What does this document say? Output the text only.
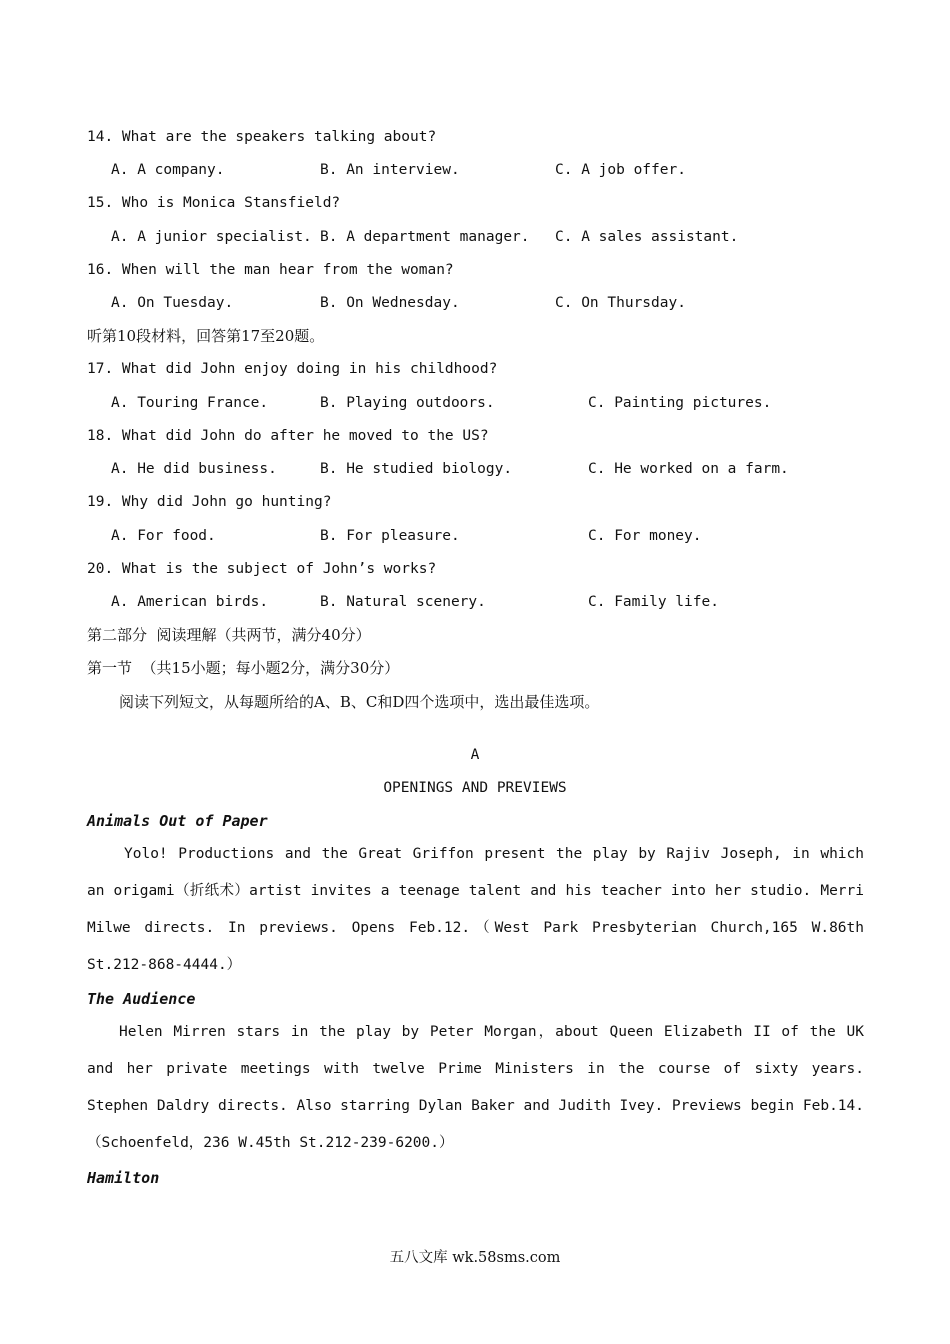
14. What are the speakers talking about?
A. A company.	B. An interview.	C. A job offer.
15. Who is Monica Stansfield?
A. A junior specialist. B. A department manager. C. A sales assistant.
16. When will the man hear from the woman?
A. On Tuesday.	B. On Wednesday.	C. On Thursday.
听第10段材料，回答第17至20题。
17. What did John enjoy doing in his childhood?
A. Touring France.	B. Playing outdoors.	C. Painting pictures.
18. What did John do after he moved to the US?
A. He did business.	B. He studied biology.	C. He worked on a farm.
19. Why did John go hunting?
A. For food.	B. For pleasure.	C. For money.
20. What is the subject of John’s works?
A. American birds.	B. Natural scenery.	C. Family life.
第二部分  阅读理解（共两节，满分40分）
第一节  （共15小题；每小题2分，满分30分）
阅读下列短文，从每题所给的A、B、C和D四个选项中，选出最佳选项。
A
OPENINGS AND PREVIEWS
Animals Out of Paper
Yolo! Productions and the Great Griffon present the play by Rajiv Joseph, in which an origami（折纸术）artist invites a teenage talent and his teacher into her studio. Merri Milwe directs. In previews. Opens Feb.12.（West Park Presbyterian Church,165 W.86th St.212-868-4444.）
The Audience
Helen Mirren stars in the play by Peter Morgan，about Queen Elizabeth II of the UK and her private meetings with twelve Prime Ministers in the course of sixty years. Stephen Daldry directs. Also starring Dylan Baker and Judith Ivey. Previews begin Feb.14.（Schoenfeld，236 W.45th St.212-239-6200.）
Hamilton
五八文库 wk.58sms.com
